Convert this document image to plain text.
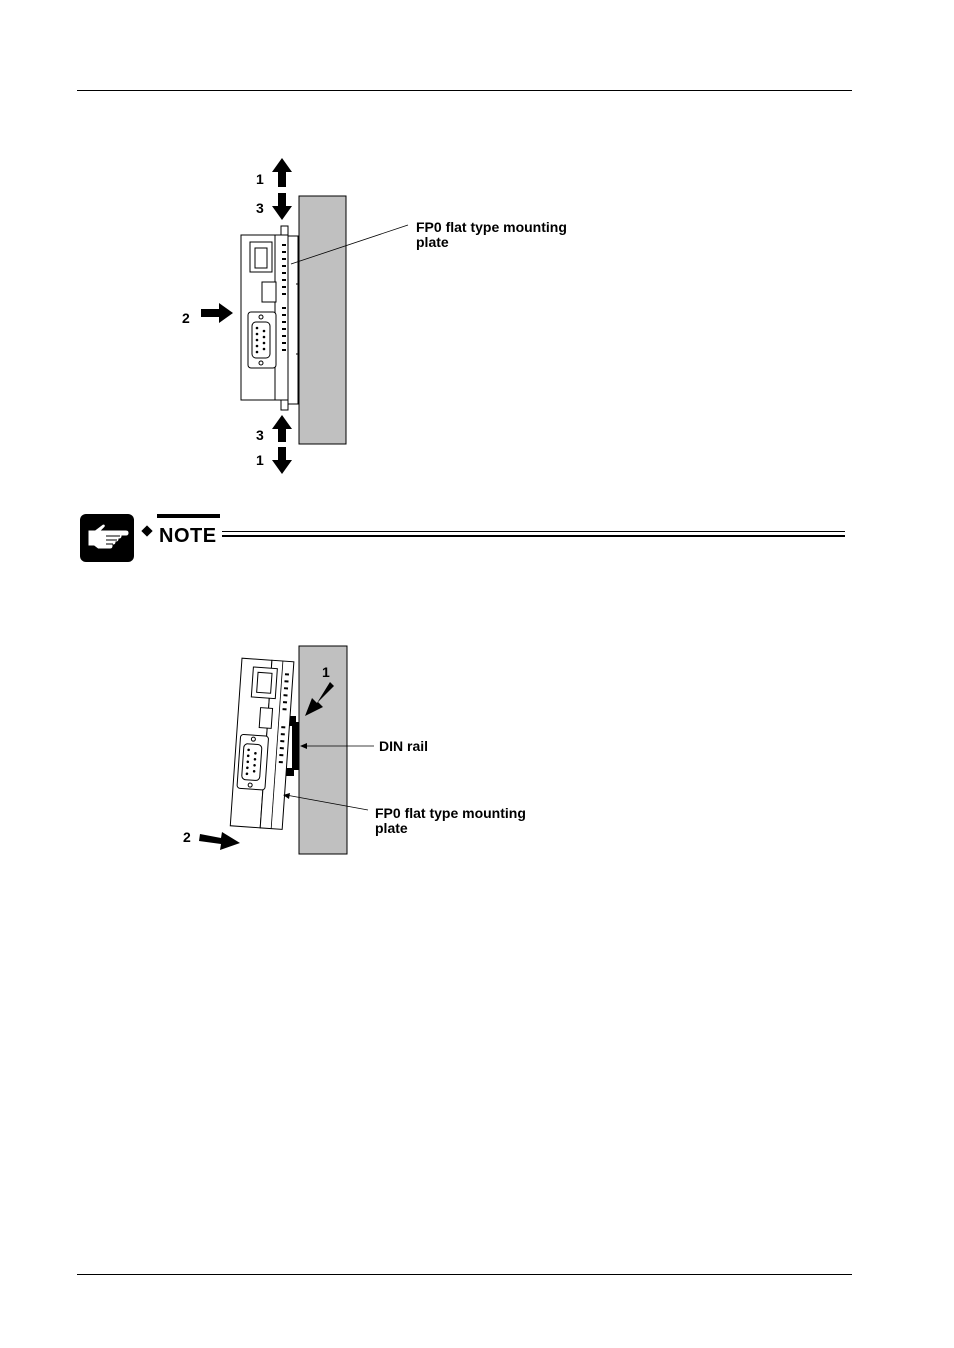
1
3
2
3
1
FP0 flat type mounting
plate
NOTE
1
2
DIN rail
FP0 flat type mounting
plate
